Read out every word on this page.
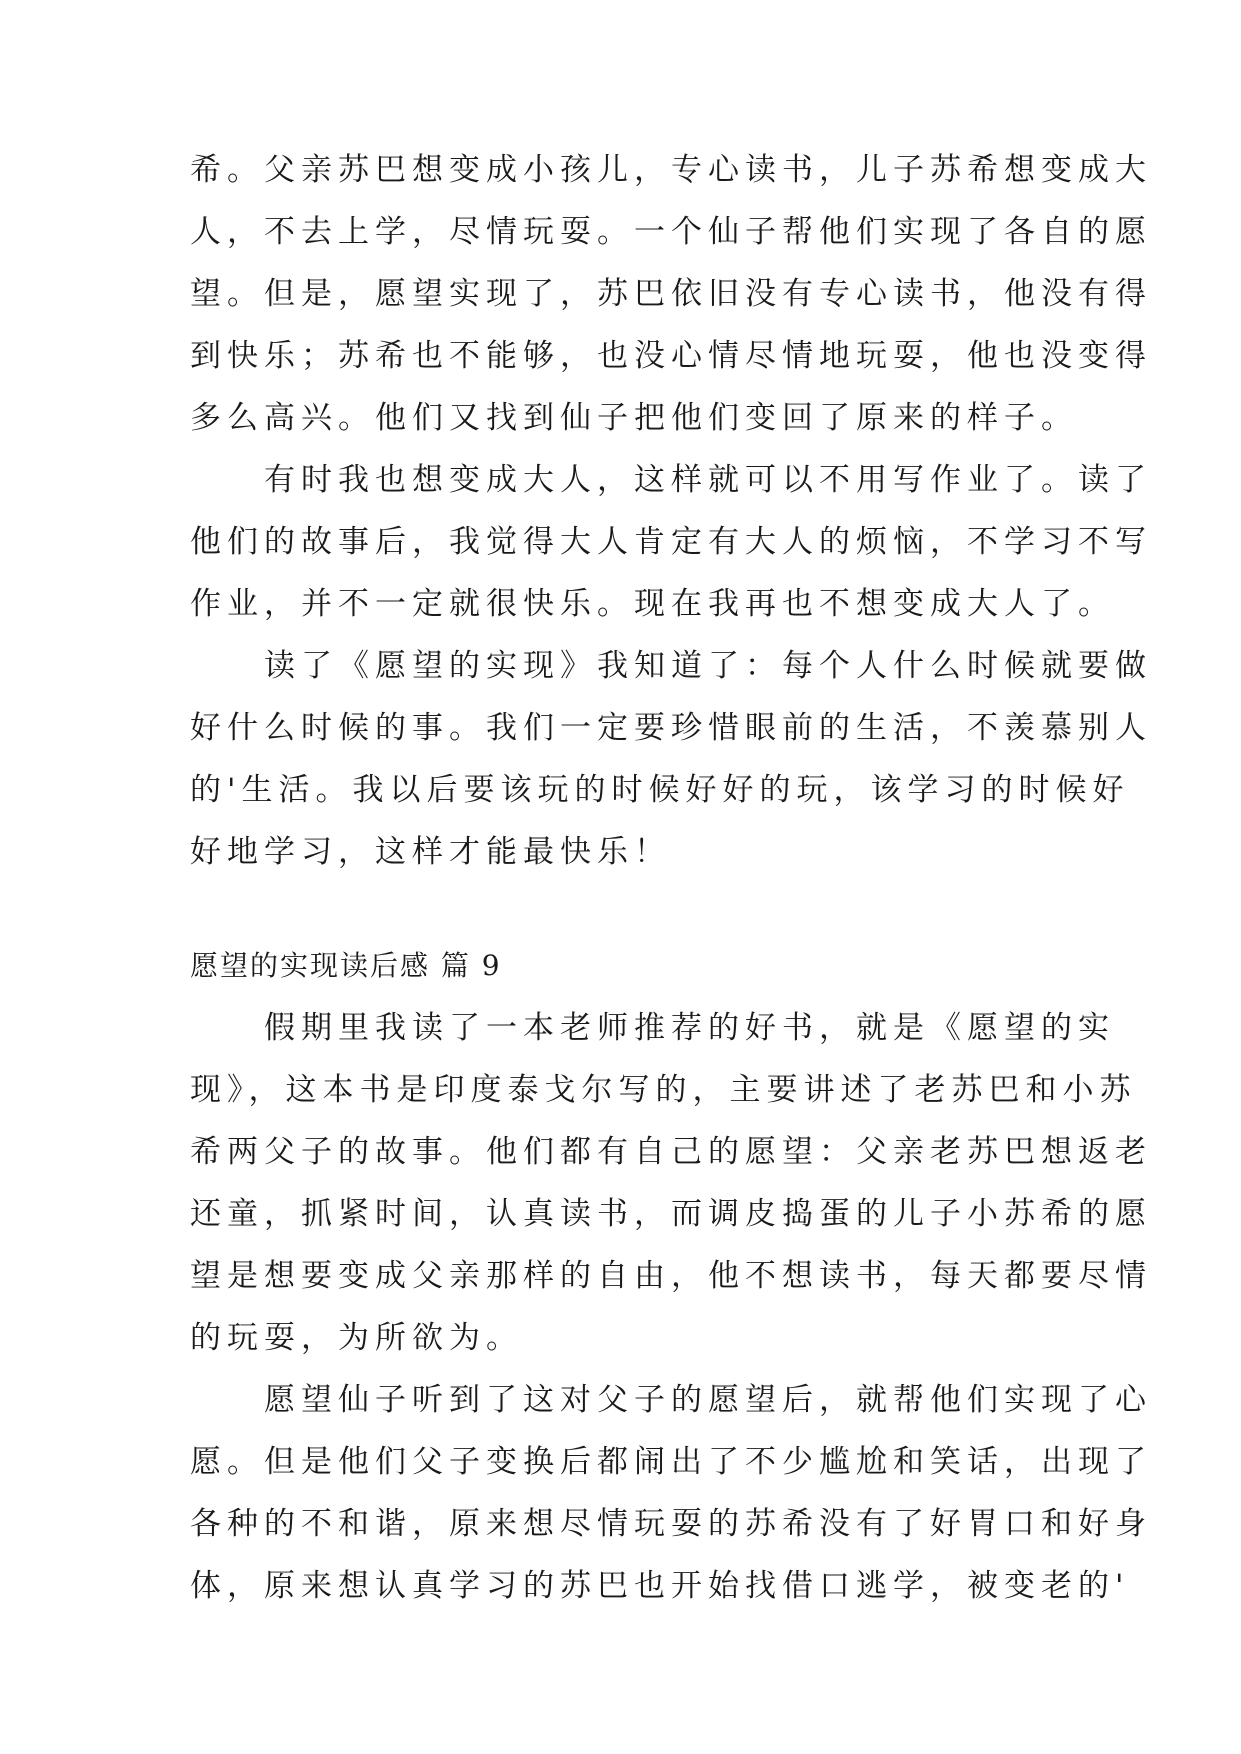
希。父亲苏巴想变成小孩儿，专心读书，儿子苏希想变成大
人，不去上学，尽情玩耍。一个仙子帮他们实现了各自的愿
望。但是，愿望实现了，苏巴依旧没有专心读书，他没有得
到快乐；苏希也不能够，也没心情尽情地玩耍，他也没变得
多么高兴。他们又找到仙子把他们变回了原来的样子。
　　有时我也想变成大人，这样就可以不用写作业了。读了
他们的故事后，我觉得大人肯定有大人的烦恼，不学习不写
作业，并不一定就很快乐。现在我再也不想变成大人了。
　　读了《愿望的实现》我知道了：每个人什么时候就要做
好什么时候的事。我们一定要珍惜眼前的生活，不羡慕别人
的'生活。我以后要该玩的时候好好的玩，该学习的时候好
好地学习，这样才能最快乐！
愿望的实现读后感 篇 9
　　假期里我读了一本老师推荐的好书，就是《愿望的实
现》，这本书是印度泰戈尔写的，主要讲述了老苏巴和小苏
希两父子的故事。他们都有自己的愿望：父亲老苏巴想返老
还童，抓紧时间，认真读书，而调皮捣蛋的儿子小苏希的愿
望是想要变成父亲那样的自由，他不想读书，每天都要尽情
的玩耍，为所欲为。
　　愿望仙子听到了这对父子的愿望后，就帮他们实现了心
愿。但是他们父子变换后都闹出了不少尴尬和笑话，出现了
各种的不和谐，原来想尽情玩耍的苏希没有了好胃口和好身
体，原来想认真学习的苏巴也开始找借口逃学，被变老的'
